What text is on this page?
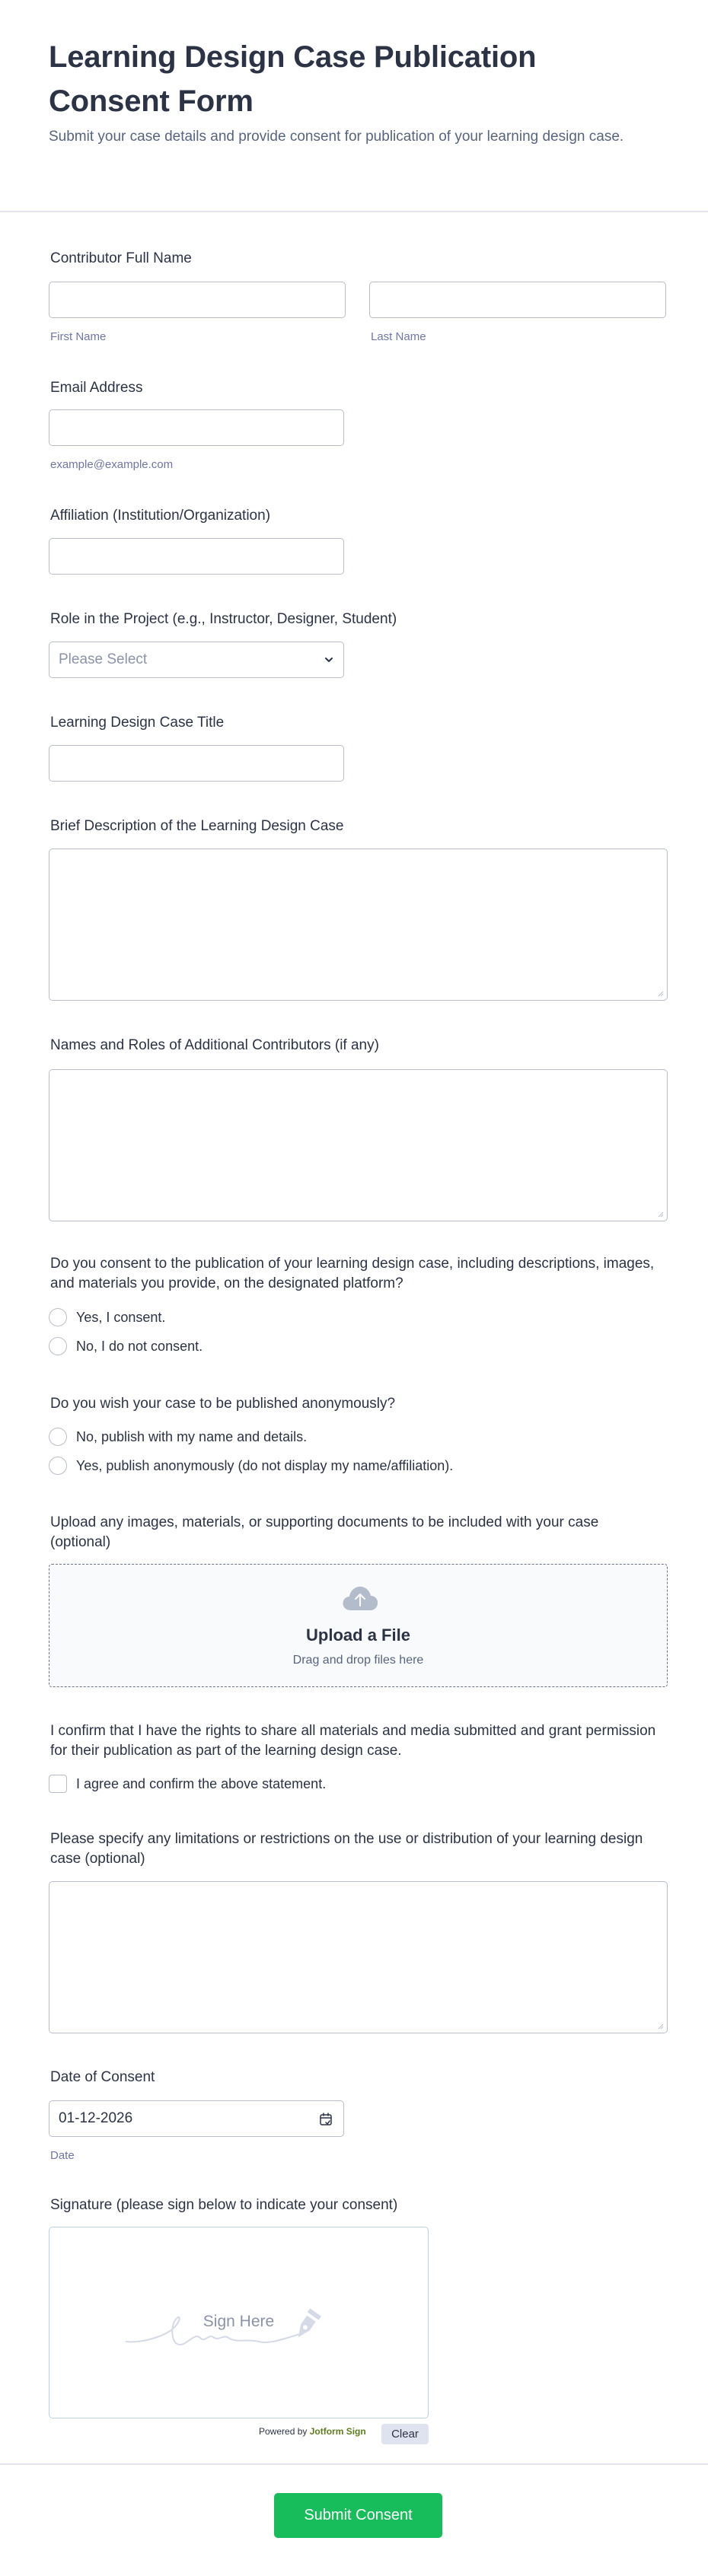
Learning Design Case Publication
Consent Form
Submit your case details and provide consent for publication of your learning design case.
Contributor Full Name
First Name	Last Name
Email Address
example@example.com
Affiliation (Institution/Organization)
Role in the Project (e.g., Instructor, Designer, Student)
Please Select
Learning Design Case Title
Brief Description of the Learning Design Case
Names and Roles of Additional Contributors (if any)
Do you consent to the publication of your learning design case, including descriptions, images, and materials you provide, on the designated platform?
Yes, I consent.
No, I do not consent.
Do you wish your case to be published anonymously?
No, publish with my name and details.
Yes, publish anonymously (do not display my name/affiliation).
Upload any images, materials, or supporting documents to be included with your case (optional)
Upload a File
Drag and drop files here
I confirm that I have the rights to share all materials and media submitted and grant permission for their publication as part of the learning design case.
I agree and confirm the above statement.
Please specify any limitations or restrictions on the use or distribution of your learning design case (optional)
Date of Consent
01-12-2026
Date
Signature (please sign below to indicate your consent)
Sign Here
Powered by Jotform Sign	Clear
Submit Consent
